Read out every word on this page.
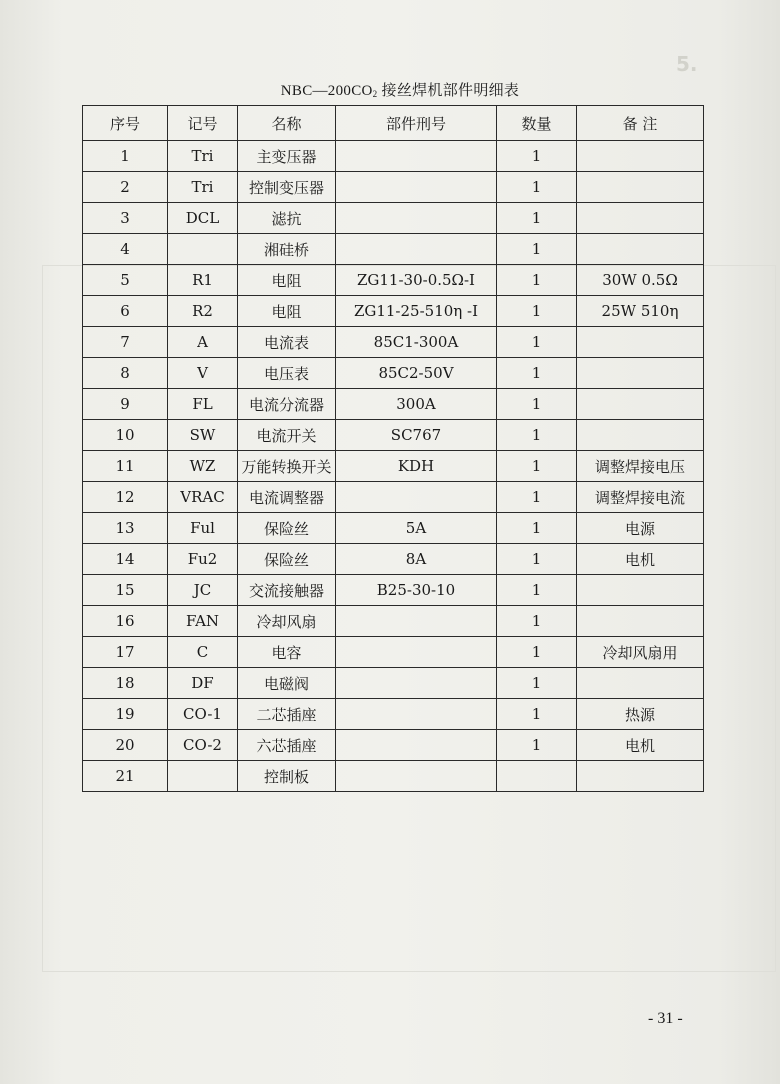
5.
$NBC—200CO_2$ 接丝焊机部件明细表
序号	记号	名称	部件刑号	数量	备 注
1	Tri	主变压器		1	
2	Tri	控制变压器		1	
3	DCL	滤抗		1	
4		湘硅桥		1	
5	R1	电阻	ZG11-30-0.5Ω-I	1	30W 0.5Ω
6	R2	电阻	ZG11-25-510η -I	1	25W 510η
7	A	电流表	85C1-300A	1	
8	V	电压表	85C2-50V	1	
9	FL	电流分流器	300A	1	
10	SW	电流开关	SC767	1	
11	WZ	万能转换开关	KDH	1	调整焊接电压
12	VRAC	电流调整器		1	调整焊接电流
13	Ful	保险丝	5A	1	电源
14	Fu2	保险丝	8A	1	电机
15	JC	交流接触器	B25-30-10	1	
16	FAN	冷却风扇		1	
17	C	电容		1	冷却风扇用
18	DF	电磁阀		1	
19	CO-1	二芯插座		1	热源
20	CO-2	六芯插座		1	电机
21		控制板			
- 31 -
